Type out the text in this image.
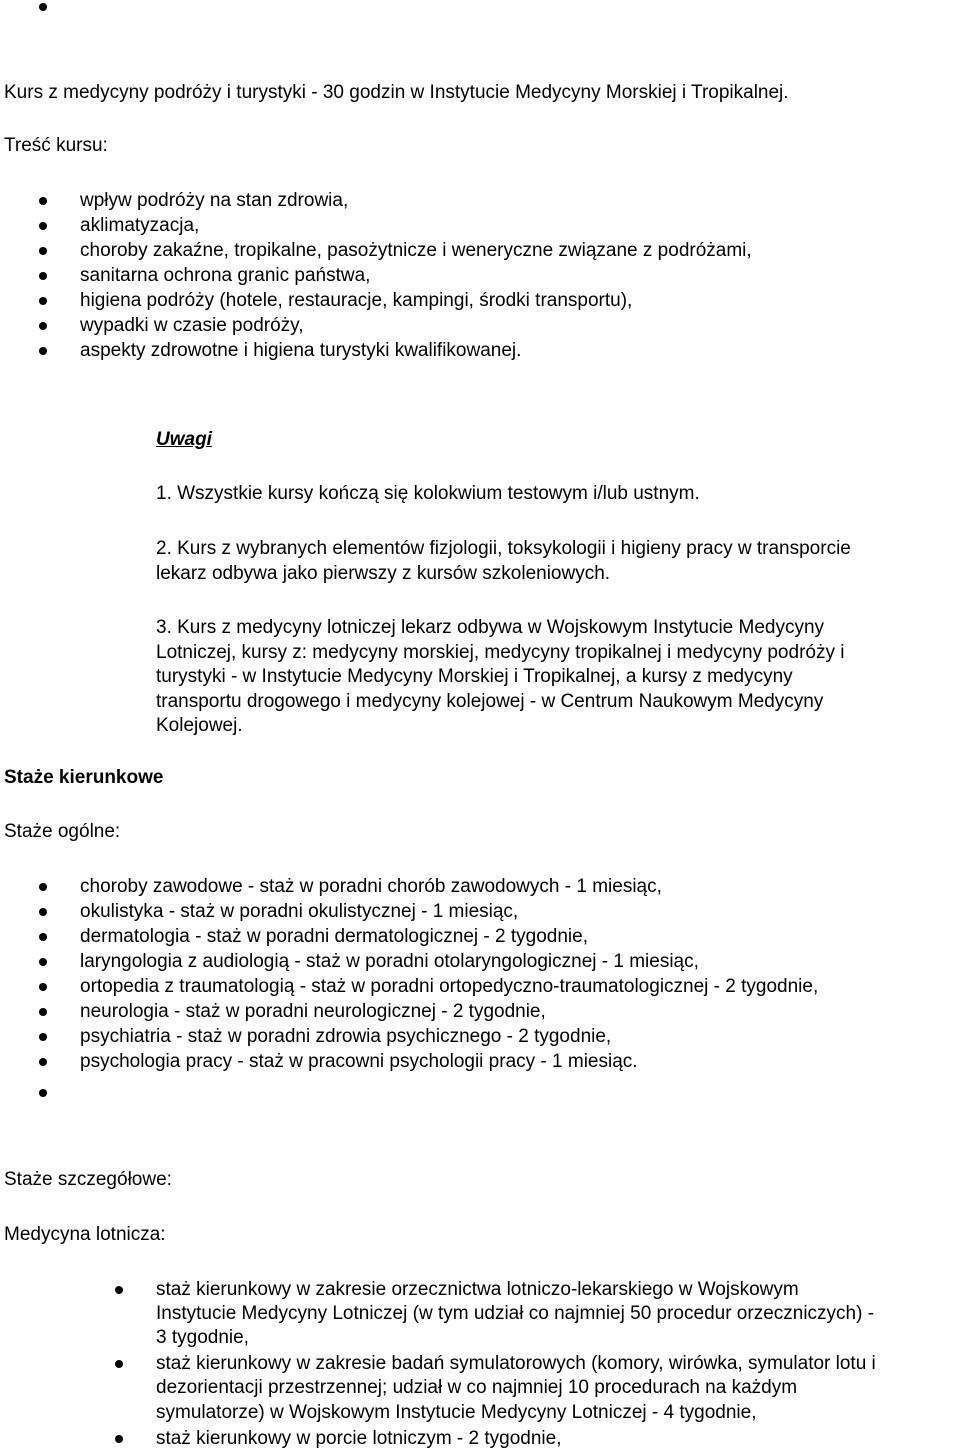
Kurs z medycyny podróży i turystyki - 30 godzin w Instytucie Medycyny Morskiej i Tropikalnej.
Treść kursu:
wpływ podróży na stan zdrowia,
aklimatyzacja,
choroby zakaźne, tropikalne, pasożytnicze i weneryczne związane z podróżami,
sanitarna ochrona granic państwa,
higiena podróży (hotele, restauracje, kampingi, środki transportu),
wypadki w czasie podróży,
aspekty zdrowotne i higiena turystyki kwalifikowanej.
Uwagi
1. Wszystkie kursy kończą się kolokwium testowym i/lub ustnym.
2. Kurs z wybranych elementów fizjologii, toksykologii i higieny pracy w transporcie
lekarz odbywa jako pierwszy z kursów szkoleniowych.
3. Kurs z medycyny lotniczej lekarz odbywa w Wojskowym Instytucie Medycyny
Lotniczej, kursy z: medycyny morskiej, medycyny tropikalnej i medycyny podróży i
turystyki - w Instytucie Medycyny Morskiej i Tropikalnej, a kursy z medycyny
transportu drogowego i medycyny kolejowej - w Centrum Naukowym Medycyny
Kolejowej.
Staże kierunkowe
Staże ogólne:
choroby zawodowe - staż w poradni chorób zawodowych - 1 miesiąc,
okulistyka - staż w poradni okulistycznej - 1 miesiąc,
dermatologia - staż w poradni dermatologicznej - 2 tygodnie,
laryngologia z audiologią - staż w poradni otolaryngologicznej - 1 miesiąc,
ortopedia z traumatologią - staż w poradni ortopedyczno-traumatologicznej - 2 tygodnie,
neurologia - staż w poradni neurologicznej - 2 tygodnie,
psychiatria - staż w poradni zdrowia psychicznego - 2 tygodnie,
psychologia pracy - staż w pracowni psychologii pracy - 1 miesiąc.
Staże szczegółowe:
Medycyna lotnicza:
staż kierunkowy w zakresie orzecznictwa lotniczo-lekarskiego w Wojskowym
Instytucie Medycyny Lotniczej (w tym udział co najmniej 50 procedur orzeczniczych) -
3 tygodnie,
staż kierunkowy w zakresie badań symulatorowych (komory, wirówka, symulator lotu i
dezorientacji przestrzennej; udział w co najmniej 10 procedurach na każdym
symulatorze) w Wojskowym Instytucie Medycyny Lotniczej - 4 tygodnie,
staż kierunkowy w porcie lotniczym - 2 tygodnie,
